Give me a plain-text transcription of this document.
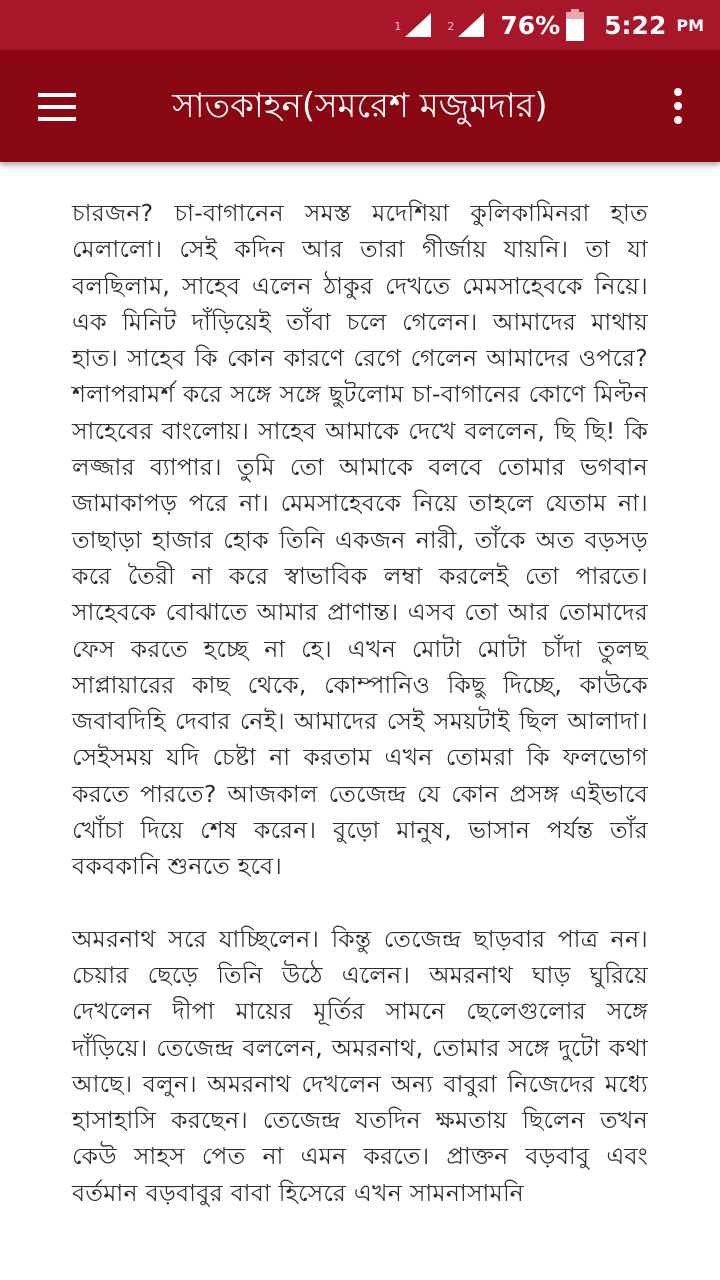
1	2 76% 5:22 PM
সাতকাহন(সমরেশ মজুমদার)

চারজন? চা-বাগানেন সমস্ত মদেশিয়া কুলিকামিনরা হাত মেলালো। সেই কদিন আর তারা গীর্জায় যায়নি। তা যা বলছিলাম, সাহেব এলেন ঠাকুর দেখতে মেমসাহেবকে নিয়ে। এক মিনিট দাঁড়িয়েই তাঁবা চলে গেলেন। আমাদের মাথায় হাত। সাহেব কি কোন কারণে রেগে গেলেন আমাদের ওপরে? শলাপরামর্শ করে সঙ্গে সঙ্গে ছুটলোম চা-বাগানের কোণে মিল্টন সাহেবের বাংলোয়। সাহেব আমাকে দেখে বললেন, ছি ছি! কি লজ্জার ব্যাপার। তুমি তো আমাকে বলবে তোমার ভগবান জামাকাপড় পরে না। মেমসাহেবকে নিয়ে তাহলে যেতাম না। তাছাড়া হাজার হোক তিনি একজন নারী, তাঁকে অত বড়সড় করে তৈরী না করে স্বাভাবিক লম্বা করলেই তো পারতে। সাহেবকে বোঝাতে আমার প্রাণান্ত। এসব তো আর তোমাদের ফেস করতে হচ্ছে না হে। এখন মোটা মোটা চাঁদা তুলছ সাপ্লায়ারের কাছ থেকে, কোম্পানিও কিছু দিচ্ছে, কাউকে জবাবদিহি দেবার নেই। আমাদের সেই সময়টাই ছিল আলাদা। সেইসময় যদি চেষ্টা না করতাম এখন তোমরা কি ফলভোগ করতে পারতে? আজকাল তেজেন্দ্র যে কোন প্রসঙ্গ এইভাবে খোঁচা দিয়ে শেষ করেন। বুড়ো মানুষ, ভাসান পর্যন্ত তাঁর বকবকানি শুনতে হবে।

অমরনাথ সরে যাচ্ছিলেন। কিন্তু তেজেন্দ্র ছাড়বার পাত্র নন। চেয়ার ছেড়ে তিনি উঠে এলেন। অমরনাথ ঘাড় ঘুরিয়ে দেখলেন দীপা মায়ের মূর্তির সামনে ছেলেগুলোর সঙ্গে দাঁড়িয়ে। তেজেন্দ্র বললেন, অমরনাথ, তোমার সঙ্গে দুটো কথা আছে। বলুন। অমরনাথ দেখলেন অন্য বাবুরা নিজেদের মধ্যে হাসাহাসি করছেন। তেজেন্দ্র যতদিন ক্ষমতায় ছিলেন তখন কেউ সাহস পেত না এমন করতে। প্রাক্তন বড়বাবু এবং বর্তমান বড়বাবুর বাবা হিসেরে এখন সামনাসামনি
